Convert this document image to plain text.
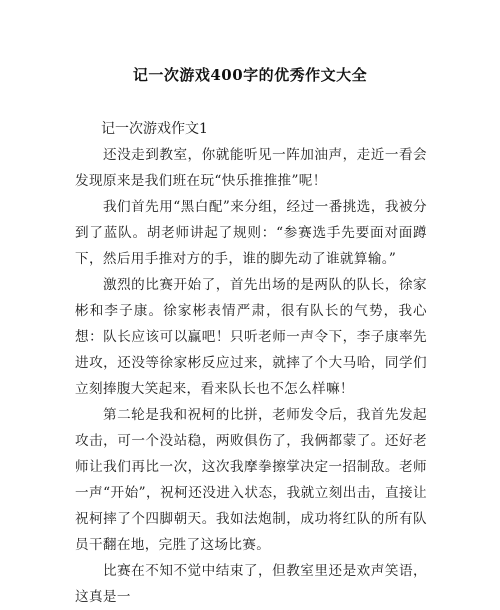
记一次游戏400字的优秀作文大全
记一次游戏作文1

还没走到教室，你就能听见一阵加油声，走近一看会发现原来是我们班在玩“快乐推推推”呢！

我们首先用“黑白配”来分组，经过一番挑选，我被分到了蓝队。胡老师讲起了规则：“参赛选手先要面对面蹲下，然后用手推对方的手，谁的脚先动了谁就算输。”

激烈的比赛开始了，首先出场的是两队的队长，徐家彬和李子康。徐家彬表情严肃，很有队长的气势，我心想：队长应该可以赢吧！只听老师一声令下，李子康率先进攻，还没等徐家彬反应过来，就摔了个大马哈，同学们立刻捧腹大笑起来，看来队长也不怎么样嘛！

第二轮是我和祝柯的比拼，老师发令后，我首先发起攻击，可一个没站稳，两败俱伤了，我俩都蒙了。还好老师让我们再比一次，这次我摩拳擦掌决定一招制敌。老师一声“开始”，祝柯还没进入状态，我就立刻出击，直接让祝柯摔了个四脚朝天。我如法炮制，成功将红队的所有队员干翻在地，完胜了这场比赛。

比赛在不知不觉中结束了，但教室里还是欢声笑语，这真是一
